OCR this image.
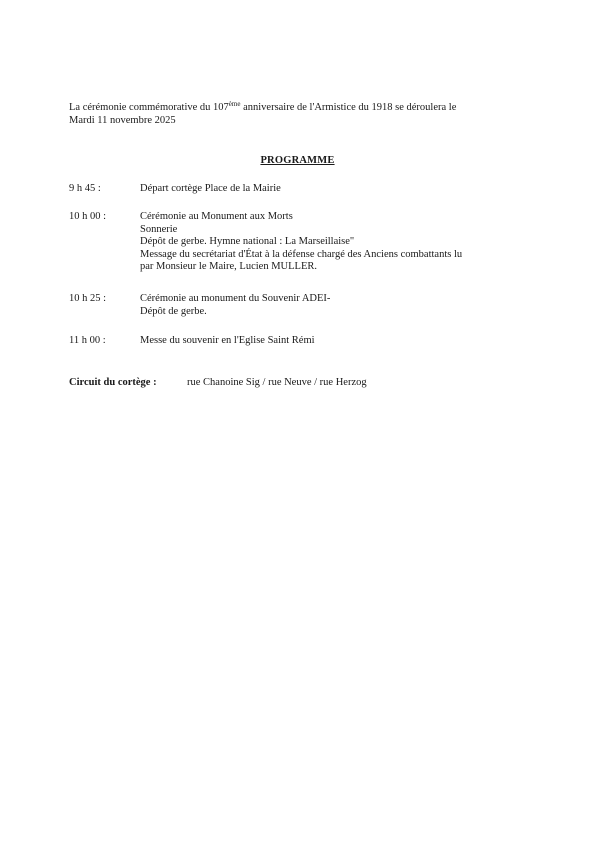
La cérémonie commémorative du 107ème anniversaire de l'Armistice du 1918 se déroulera le
Mardi 11 novembre 2025
PROGRAMME
9 h 45 :	Départ cortège Place de la Mairie
10 h 00 :	Cérémonie au Monument aux Morts
Sonnerie
Dépôt de gerbe. Hymne national : La Marseillaise"
Message du secrétariat d'État à la défense chargé des Anciens combattants lu
par Monsieur le Maire, Lucien MULLER.
10 h 25 :	Cérémonie au monument du Souvenir ADEI-
Dépôt de gerbe.
11 h 00 :	Messe du souvenir en l'Eglise Saint Rémi
Circuit du cortège :	rue Chanoine Sig / rue Neuve / rue Herzog
